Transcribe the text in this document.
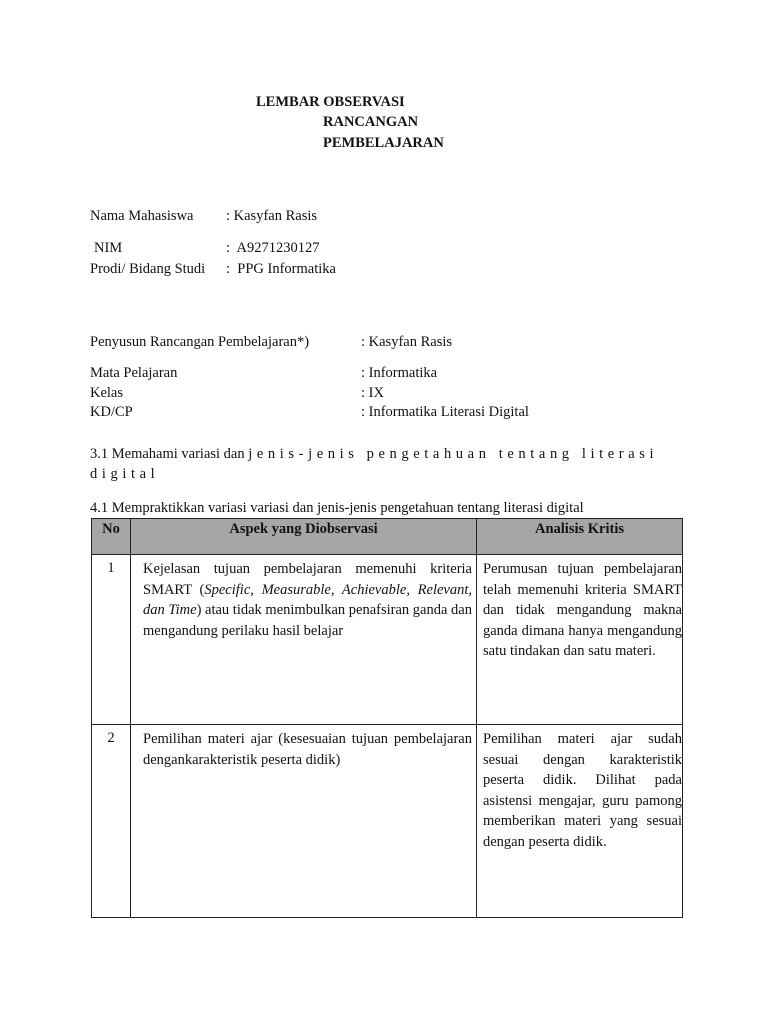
LEMBAR OBSERVASI
RANCANGAN
PEMBELAJARAN
Nama Mahasiswa : Kasyfan Rasis
NIM	:  A9271230127
Prodi/ Bidang Studi :  PPG Informatika
Penyusun Rancangan Pembelajaran*)	: Kasyfan Rasis
Mata Pelajaran	: Informatika
Kelas	: IX
KD/CP	: Informatika Literasi Digital
3.1 Memahami variasi dan jenis-jenis pengetahuan tentang literasi
digital
4.1 Mempraktikkan variasi variasi dan jenis-jenis pengetahuan tentang literasi digital
No	Aspek yang Diobservasi	Analisis Kritis
1	Kejelasan tujuan pembelajaran memenuhi kriteria SMART (Specific, Measurable, Achievable, Relevant, dan Time) atau tidak menimbulkan penafsiran ganda dan mengandung perilaku hasil belajar	Perumusan tujuan pembelajaran telah memenuhi kriteria SMART dan tidak mengandung makna ganda dimana hanya mengandung satu tindakan dan satu materi.
2	Pemilihan materi ajar (kesesuaian tujuan pembelajaran dengankarakteristik peserta didik)	Pemilihan materi ajar sudah sesuai dengan karakteristik peserta didik. Dilihat pada asistensi mengajar, guru pamong memberikan materi yang sesuai dengan peserta didik.
